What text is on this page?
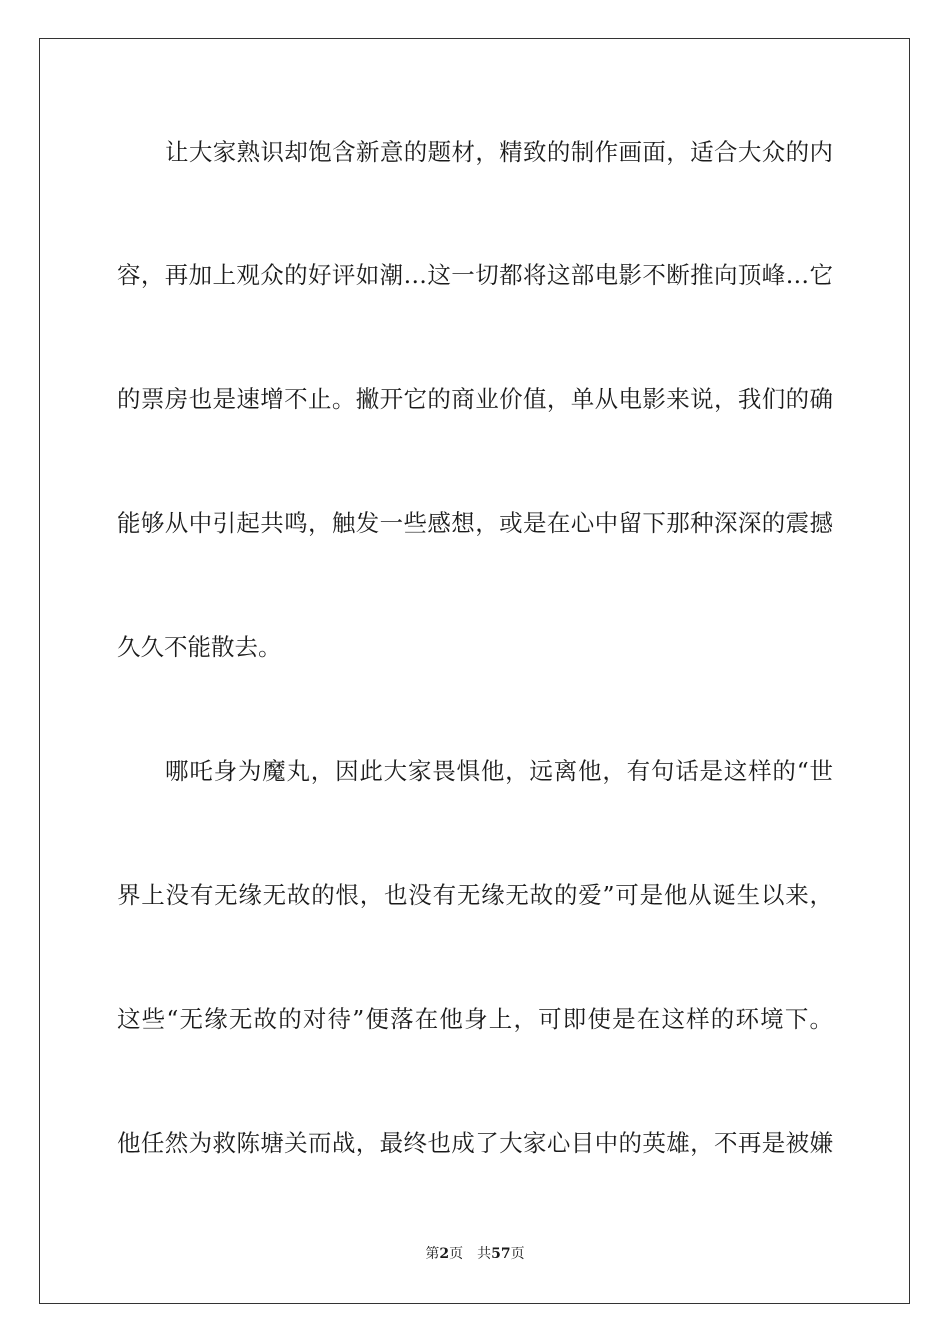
让大家熟识却饱含新意的题材，精致的制作画面，适合大众的内
容，再加上观众的好评如潮…这一切都将这部电影不断推向顶峰…它
的票房也是速增不止。撇开它的商业价值，单从电影来说，我们的确
能够从中引起共鸣，触发一些感想，或是在心中留下那种深深的震撼
久久不能散去。
哪吒身为魔丸，因此大家畏惧他，远离他，有句话是这样的“世
界上没有无缘无故的恨，也没有无缘无故的爱”可是他从诞生以来，
这些“无缘无故的对待”便落在他身上，可即使是在这样的环境下。
他任然为救陈塘关而战，最终也成了大家心目中的英雄，不再是被嫌
第2页 共57页
